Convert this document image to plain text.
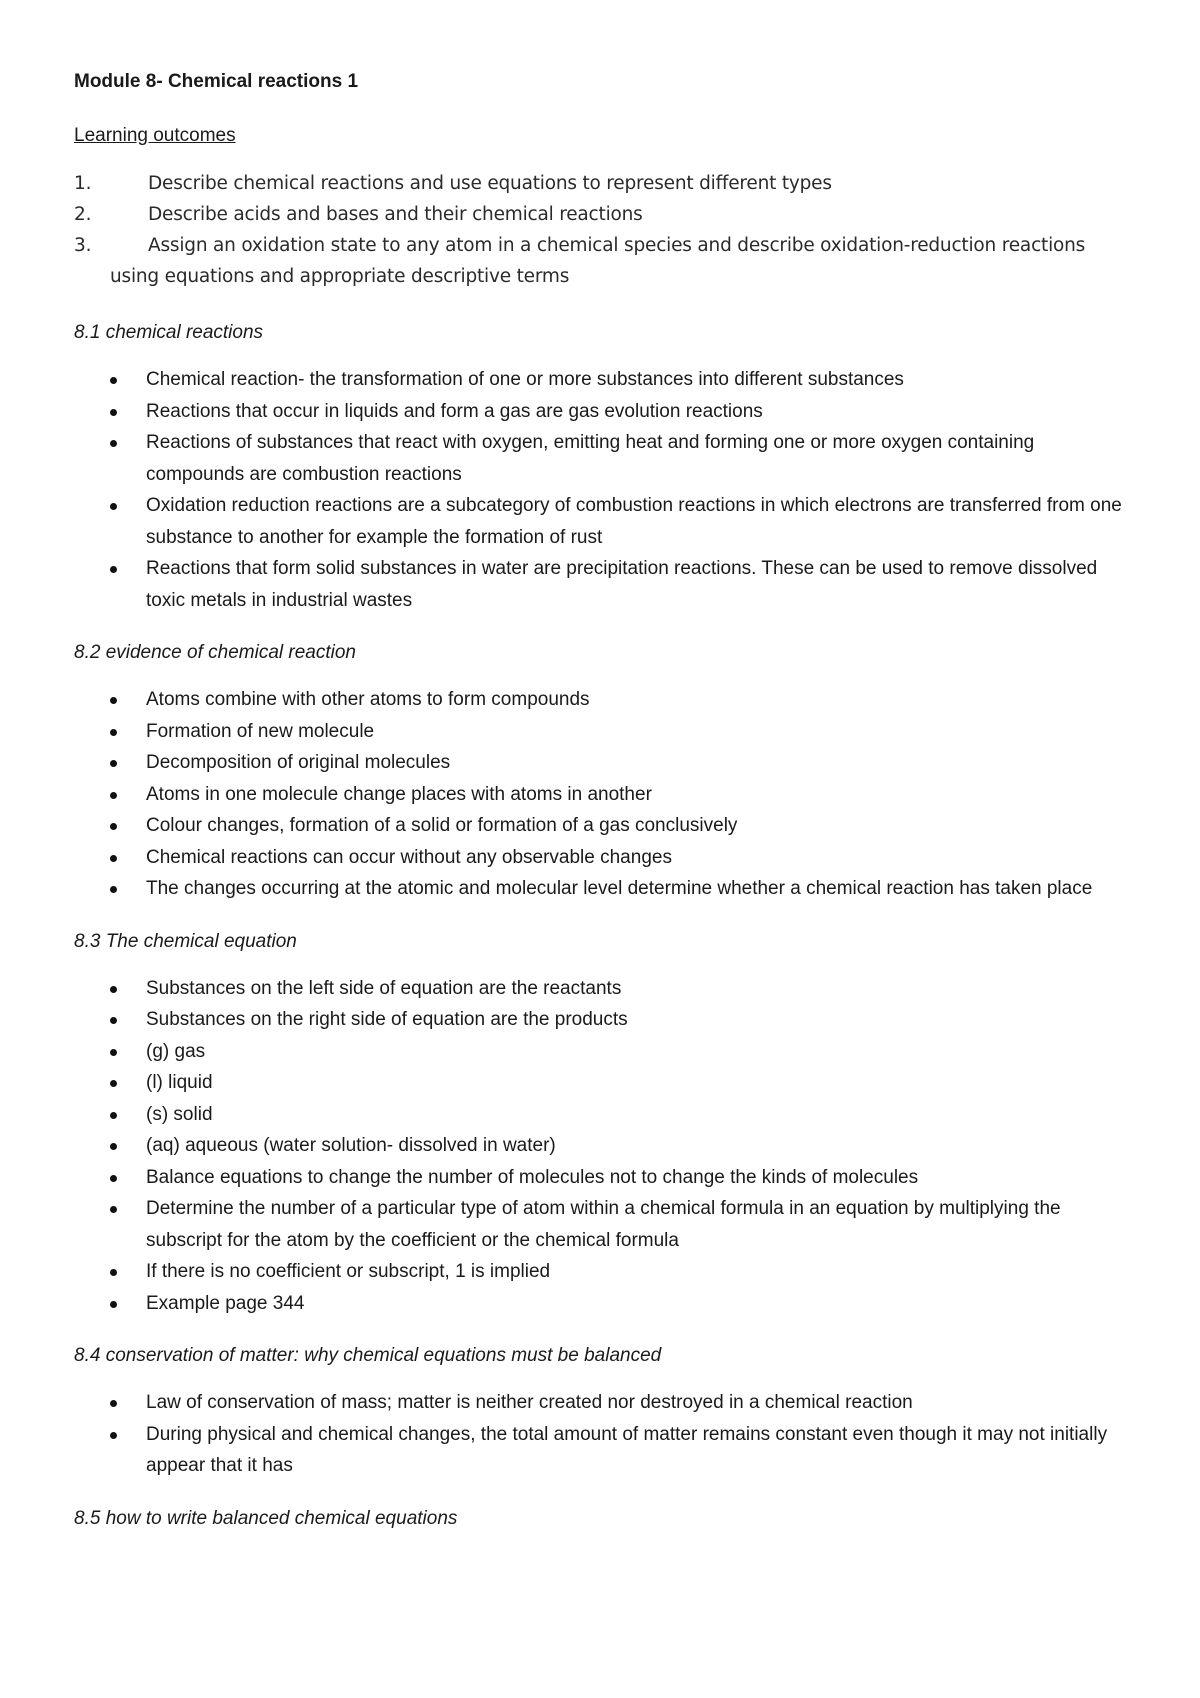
Module 8- Chemical reactions 1
Learning outcomes
1.	Describe chemical reactions and use equations to represent different types
2.	Describe acids and bases and their chemical reactions
3.	Assign an oxidation state to any atom in a chemical species and describe oxidation-reduction reactions
using equations and appropriate descriptive terms
8.1 chemical reactions
Chemical reaction- the transformation of one or more substances into different substances
Reactions that occur in liquids and form a gas are gas evolution reactions
Reactions of substances that react with oxygen, emitting heat and forming one or more oxygen containing compounds are combustion reactions
Oxidation reduction reactions are a subcategory of combustion reactions in which electrons are transferred from one substance to another for example the formation of rust
Reactions that form solid substances in water are precipitation reactions. These can be used to remove dissolved toxic metals in industrial wastes
8.2 evidence of chemical reaction
Atoms combine with other atoms to form compounds
Formation of new molecule
Decomposition of original molecules
Atoms in one molecule change places with atoms in another
Colour changes, formation of a solid or formation of a gas conclusively
Chemical reactions can occur without any observable changes
The changes occurring at the atomic and molecular level determine whether a chemical reaction has taken place
8.3 The chemical equation
Substances on the left side of equation are the reactants
Substances on the right side of equation are the products
(g) gas
(l) liquid
(s) solid
(aq) aqueous (water solution- dissolved in water)
Balance equations to change the number of molecules not to change the kinds of molecules
Determine the number of a particular type of atom within a chemical formula in an equation by multiplying the subscript for the atom by the coefficient or the chemical formula
If there is no coefficient or subscript, 1 is implied
Example page 344
8.4 conservation of matter: why chemical equations must be balanced
Law of conservation of mass; matter is neither created nor destroyed in a chemical reaction
During physical and chemical changes, the total amount of matter remains constant even though it may not initially appear that it has
8.5 how to write balanced chemical equations
